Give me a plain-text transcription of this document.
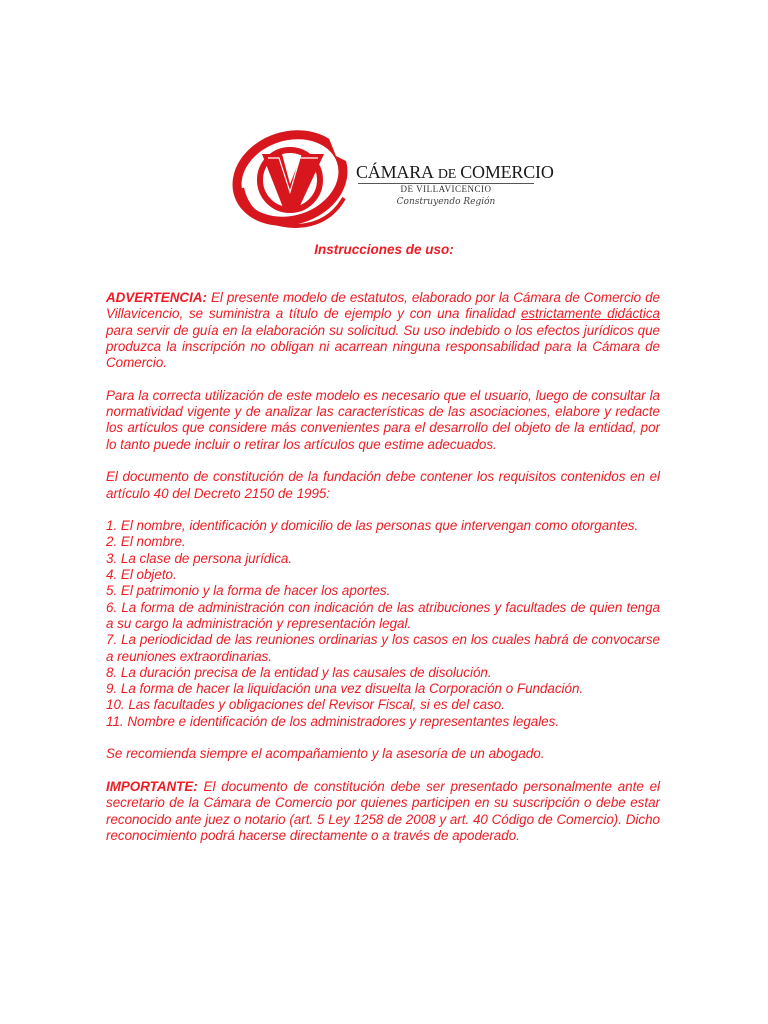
CÁMARA DE COMERCIO
DE VILLAVICENCIO
Construyendo Región
Instrucciones de uso:

ADVERTENCIA: El presente modelo de estatutos, elaborado por la Cámara de Comercio de Villavicencio, se suministra a título de ejemplo y con una finalidad estrictamente didáctica para servir de guía en la elaboración su solicitud. Su uso indebido o los efectos jurídicos que produzca la inscripción no obligan ni acarrean ninguna responsabilidad para la Cámara de Comercio.

Para la correcta utilización de este modelo es necesario que el usuario, luego de consultar la normatividad vigente y de analizar las características de las asociaciones, elabore y redacte los artículos que considere más convenientes para el desarrollo del objeto de la entidad, por lo tanto puede incluir o retirar los artículos que estime adecuados.

El documento de constitución de la fundación debe contener los requisitos contenidos en el artículo 40 del Decreto 2150 de 1995:

1. El nombre, identificación y domicilio de las personas que intervengan como otorgantes.
2. El nombre.
3. La clase de persona jurídica.
4. El objeto.
5. El patrimonio y la forma de hacer los aportes.
6. La forma de administración con indicación de las atribuciones y facultades de quien tenga a su cargo la administración y representación legal.
7. La periodicidad de las reuniones ordinarias y los casos en los cuales habrá de convocarse a reuniones extraordinarias.
8. La duración precisa de la entidad y las causales de disolución.
9. La forma de hacer la liquidación una vez disuelta la Corporación o Fundación.
10. Las facultades y obligaciones del Revisor Fiscal, si es del caso.
11. Nombre e identificación de los administradores y representantes legales.

Se recomienda siempre el acompañamiento y la asesoría de un abogado.

IMPORTANTE: El documento de constitución debe ser presentado personalmente ante el secretario de la Cámara de Comercio por quienes participen en su suscripción o debe estar reconocido ante juez o notario (art. 5 Ley 1258 de 2008 y art. 40 Código de Comercio). Dicho reconocimiento podrá hacerse directamente o a través de apoderado.
